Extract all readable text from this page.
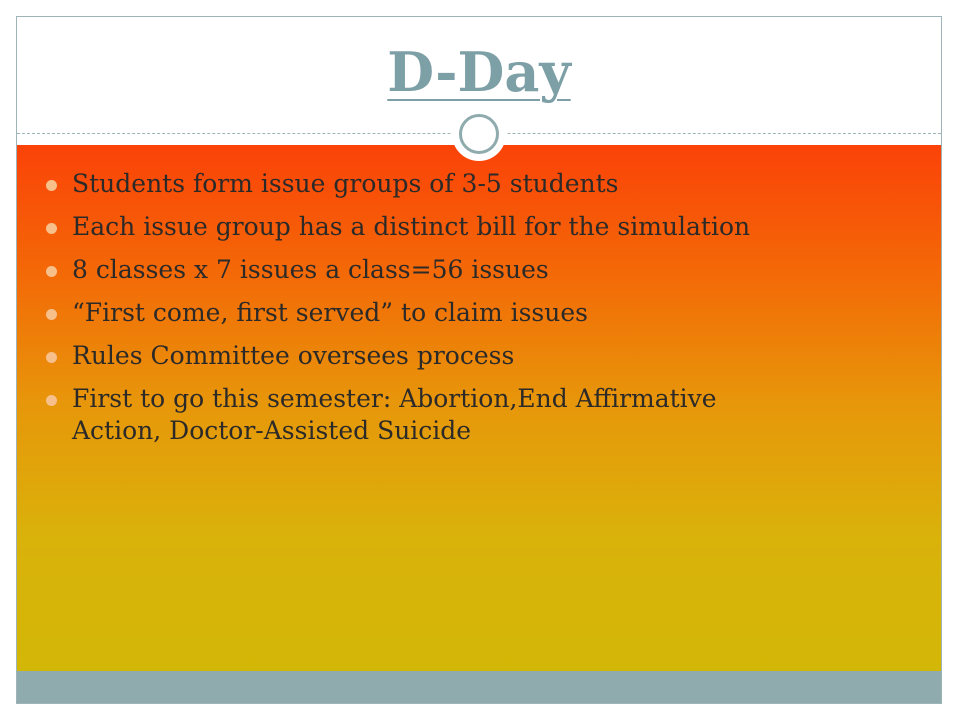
D-Day
Students form issue groups of 3-5 students
Each issue group has a distinct bill for the simulation
8 classes x 7 issues a class=56 issues
“First come, first served” to claim issues
Rules Committee oversees process
First to go this semester: Abortion,End Affirmative Action, Doctor-Assisted Suicide
